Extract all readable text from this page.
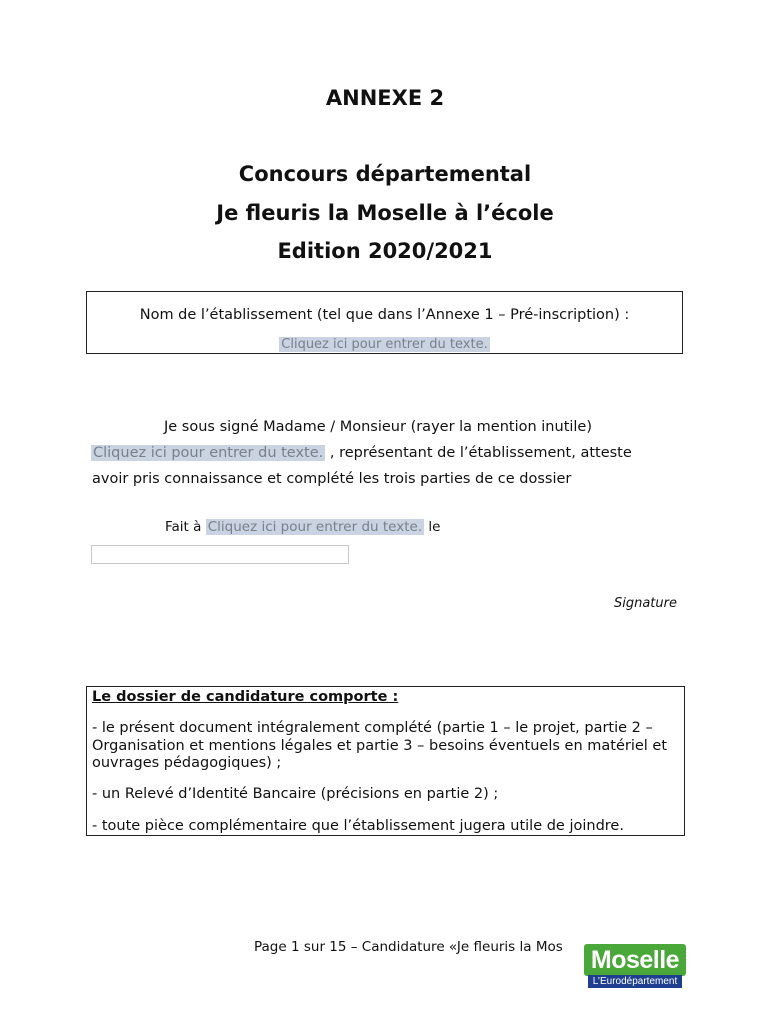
ANNEXE 2
Concours départemental
Je fleuris la Moselle à l’école
Edition 2020/2021
Nom de l’établissement (tel que dans l’Annexe 1 – Pré-inscription) :
Cliquez ici pour entrer du texte.
Je sous signé Madame / Monsieur (rayer la mention inutile)
Cliquez ici pour entrer du texte. , représentant de l’établissement, atteste
avoir pris connaissance et complété les trois parties de ce dossier
Fait à Cliquez ici pour entrer du texte. le
Signature
Le dossier de candidature comporte :
- le présent document intégralement complété (partie 1 – le projet, partie 2 – Organisation et mentions légales et partie 3 – besoins éventuels en matériel et ouvrages pédagogiques) ;
- un Relevé d’Identité Bancaire (précisions en partie 2) ;
- toute pièce complémentaire que l’établissement jugera utile de joindre.
Page 1 sur 15 – Candidature «Je fleuris la Mos Moselle
L’Eurodépartement
